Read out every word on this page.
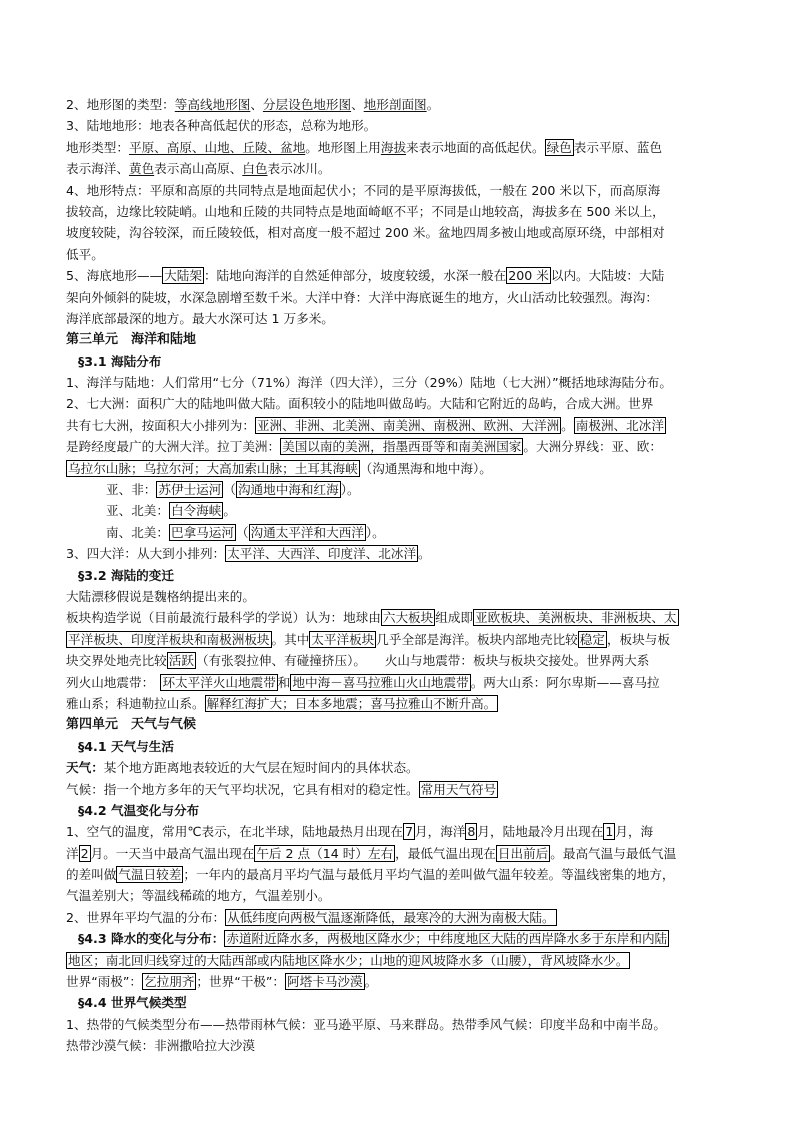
2、地形图的类型：等高线地形图、分层设色地形图、地形剖面图。
3、陆地地形：地表各种高低起伏的形态，总称为地形。
地形类型：平原、高原、山地、丘陵、盆地。地形图上用海拔来表示地面的高低起伏。 绿色 表示平原、蓝色
表示海洋、黄色表示高山高原、白色表示冰川。
4、地形特点：平原和高原的共同特点是地面起伏小；不同的是平原海拔低，一般在 200 米以下，而高原海
拔较高，边缘比较陡峭。山地和丘陵的共同特点是地面崎岖不平；不同是山地较高，海拔多在 500 米以上，
坡度较陡，沟谷较深，而丘陵较低，相对高度一般不超过 200 米。盆地四周多被山地或高原环绕，中部相对
低平。
5、海底地形—— 大陆架 ：陆地向海洋的自然延伸部分，坡度较缓，水深一般在 200 米 以内。大陆坡：大陆
架向外倾斜的陡坡，水深急剧增至数千米。大洋中脊：大洋中海底诞生的地方，火山活动比较强烈。海沟：
海洋底部最深的地方。最大水深可达 1 万多米。
第三单元　海洋和陆地
§3.1 海陆分布
1、海洋与陆地：人们常用“七分（71%）海洋（四大洋），三分（29%）陆地（七大洲）”概括地球海陆分布。
2、七大洲：面积广大的陆地叫做大陆。面积较小的陆地叫做岛屿。大陆和它附近的岛屿，合成大洲。世界
共有七大洲，按面积大小排列为： 亚洲、非洲、北美洲、南美洲、南极洲、欧洲、大洋洲 。 南极洲、北冰洋
是跨经度最广的大洲大洋。拉丁美洲： 美国以南的美洲，指墨西哥等和南美洲国家 。大洲分界线：亚、欧：
乌拉尔山脉；乌拉尔河；大高加索山脉；土耳其海峡 （沟通黑海和地中海）。
亚、非： 苏伊士运河 （ 沟通地中海和红海 ）。
亚、北美： 白令海峡 。
南、北美： 巴拿马运河 （ 沟通太平洋和大西洋 ）。
3、四大洋：从大到小排列： 太平洋、大西洋、印度洋、北冰洋 。
§3.2 海陆的变迁
大陆漂移假说是魏格纳提出来的。
板块构造学说（目前最流行最科学的学说）认为：地球由 六大板块 组成即 亚欧板块、美洲板块、非洲板块、太
平洋板块、印度洋板块和南极洲板块 。其中 太平洋板块 几乎全部是海洋。板块内部地壳比较 稳定 ，板块与板
块交界处地壳比较 活跃 （有张裂拉伸、有碰撞挤压）。　　火山与地震带：板块与板块交接处。世界两大系
列火山地震带：　环太平洋火山地震带 和 地中海－喜马拉雅山火山地震带 。两大山系：阿尔卑斯——喜马拉
雅山系；科迪勒拉山系。 解释红海扩大；日本多地震；喜马拉雅山不断升高。
第四单元　天气与气候
§4.1 天气与生活
天气：某个地方距离地表较近的大气层在短时间内的具体状态。
气候：指一个地方多年的天气平均状况，它具有相对的稳定性。 常用天气符号
§4.2 气温变化与分布
1、空气的温度，常用℃表示，在北半球，陆地最热月出现在 7 月，海洋 8 月，陆地最冷月出现在 1 月，海
洋 2 月。一天当中最高气温出现在 午后 2 点（14 时）左右 ，最低气温出现在 日出前后 。最高气温与最低气温
的差叫做 气温日较差 ；一年内的最高月平均气温与最低月平均气温的差叫做气温年较差。等温线密集的地方，
气温差别大；等温线稀疏的地方，气温差别小。
2、世界年平均气温的分布： 从低纬度向两极气温逐渐降低，最寒冷的大洲为南极大陆。
§4.3 降水的变化与分布： 赤道附近降水多，两极地区降水少；中纬度地区大陆的西岸降水多于东岸和内陆
地区；南北回归线穿过的大陆西部或内陆地区降水少；山地的迎风坡降水多（山腰），背风坡降水少。
世界“雨极”： 乞拉朋齐 ；世界“干极”： 阿塔卡马沙漠 。
§4.4 世界气候类型
1、热带的气候类型分布——热带雨林气候：亚马逊平原、马来群岛。热带季风气候：印度半岛和中南半岛。
热带沙漠气候：非洲撒哈拉大沙漠
